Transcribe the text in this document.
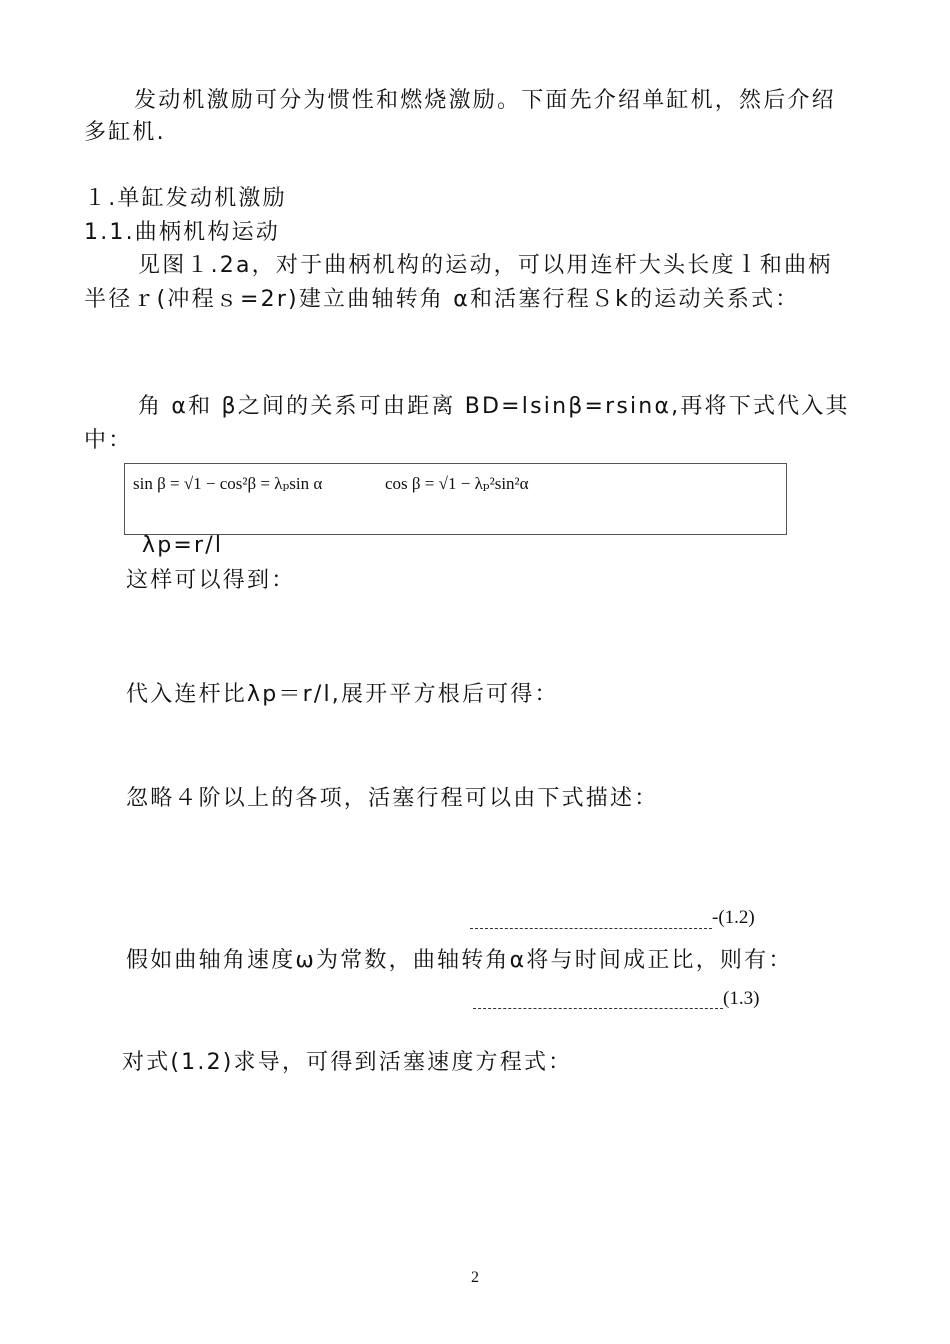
发动机激励可分为惯性和燃烧激励。下面先介绍单缸机，然后介绍
多缸机.
１.单缸发动机激励
1.1.曲柄机构运动
见图１.2a，对于曲柄机构的运动，可以用连杆大头长度ｌ和曲柄
半径ｒ(冲程ｓ=2r)建立曲轴转角 α和活塞行程Ｓk的运动关系式：
角 α和 β之间的关系可由距离 BD=lsinβ=rsinα,再将下式代入其
中：
sin β = √1 − cos²β = λₚsin α	cos β = √1 − λₚ²sin²α
λp=r/l
这样可以得到：
代入连杆比λp＝r/l,展开平方根后可得：
忽略４阶以上的各项，活塞行程可以由下式描述：
-(1.2)
假如曲轴角速度ω为常数，曲轴转角α将与时间成正比，则有：
(1.3)
对式(1.2)求导，可得到活塞速度方程式：
2
